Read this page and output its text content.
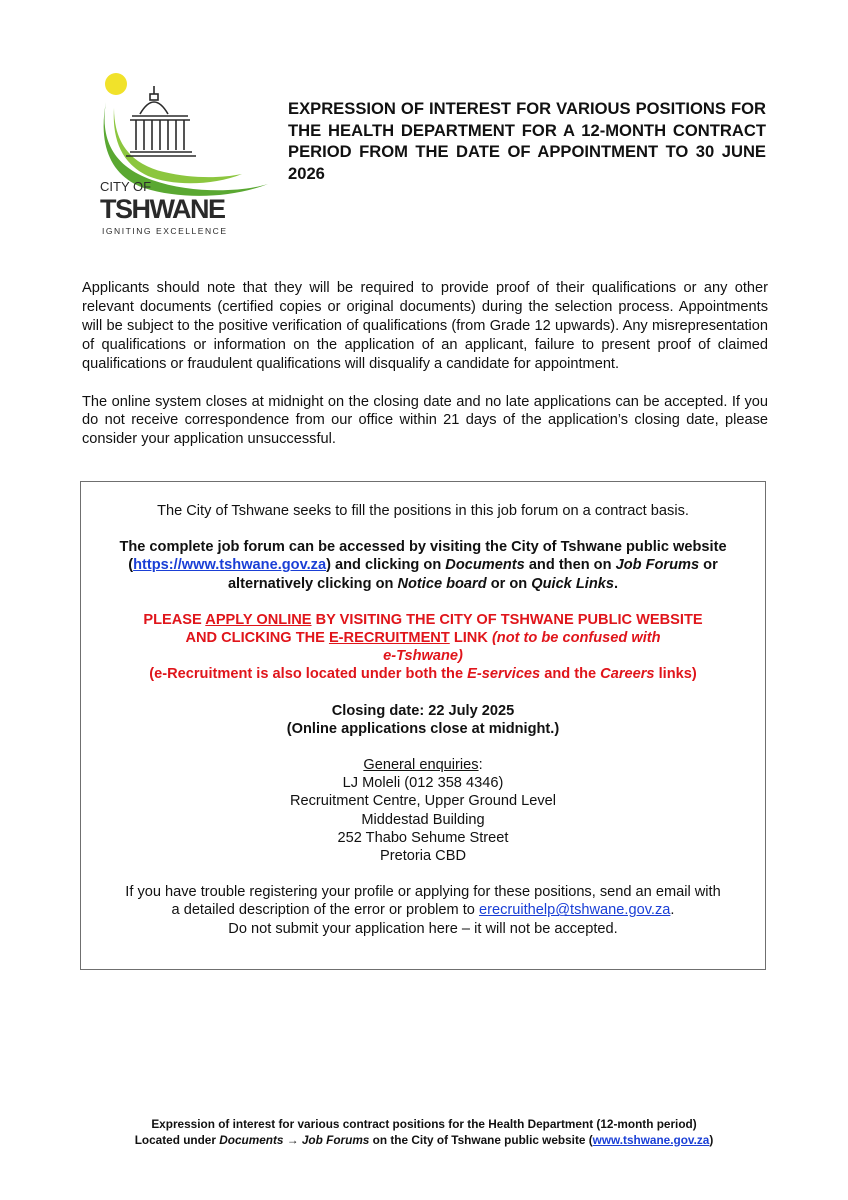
CITY OF
TSHWANE
IGNITING EXCELLENCE
EXPRESSION OF INTEREST FOR VARIOUS POSITIONS FOR THE HEALTH DEPARTMENT FOR A 12-MONTH CONTRACT PERIOD FROM THE DATE OF APPOINTMENT TO 30 JUNE 2026

Applicants should note that they will be required to provide proof of their qualifications or any other relevant documents (certified copies or original documents) during the selection process. Appointments will be subject to the positive verification of qualifications (from Grade 12 upwards). Any misrepresentation of qualifications or information on the application of an applicant, failure to present proof of claimed qualifications or fraudulent qualifications will disqualify a candidate for appointment.

The online system closes at midnight on the closing date and no late applications can be accepted. If you do not receive correspondence from our office within 21 days of the application’s closing date, please consider your application unsuccessful.

The City of Tshwane seeks to fill the positions in this job forum on a contract basis.

The complete job forum can be accessed by visiting the City of Tshwane public website (https://www.tshwane.gov.za) and clicking on Documents and then on Job Forums or alternatively clicking on Notice board or on Quick Links.

PLEASE APPLY ONLINE BY VISITING THE CITY OF TSHWANE PUBLIC WEBSITE
AND CLICKING THE E-RECRUITMENT LINK (not to be confused with
e-Tshwane)
(e-Recruitment is also located under both the E-services and the Careers links)
Closing date: 22 July 2025
(Online applications close at midnight.)
General enquiries:
LJ Moleli (012 358 4346)
Recruitment Centre, Upper Ground Level
Middestad Building
252 Thabo Sehume Street
Pretoria CBD
If you have trouble registering your profile or applying for these positions, send an email with
a detailed description of the error or problem to erecruithelp@tshwane.gov.za.
Do not submit your application here – it will not be accepted.
Expression of interest for various contract positions for the Health Department (12-month period)
Located under Documents → Job Forums on the City of Tshwane public website (www.tshwane.gov.za)
